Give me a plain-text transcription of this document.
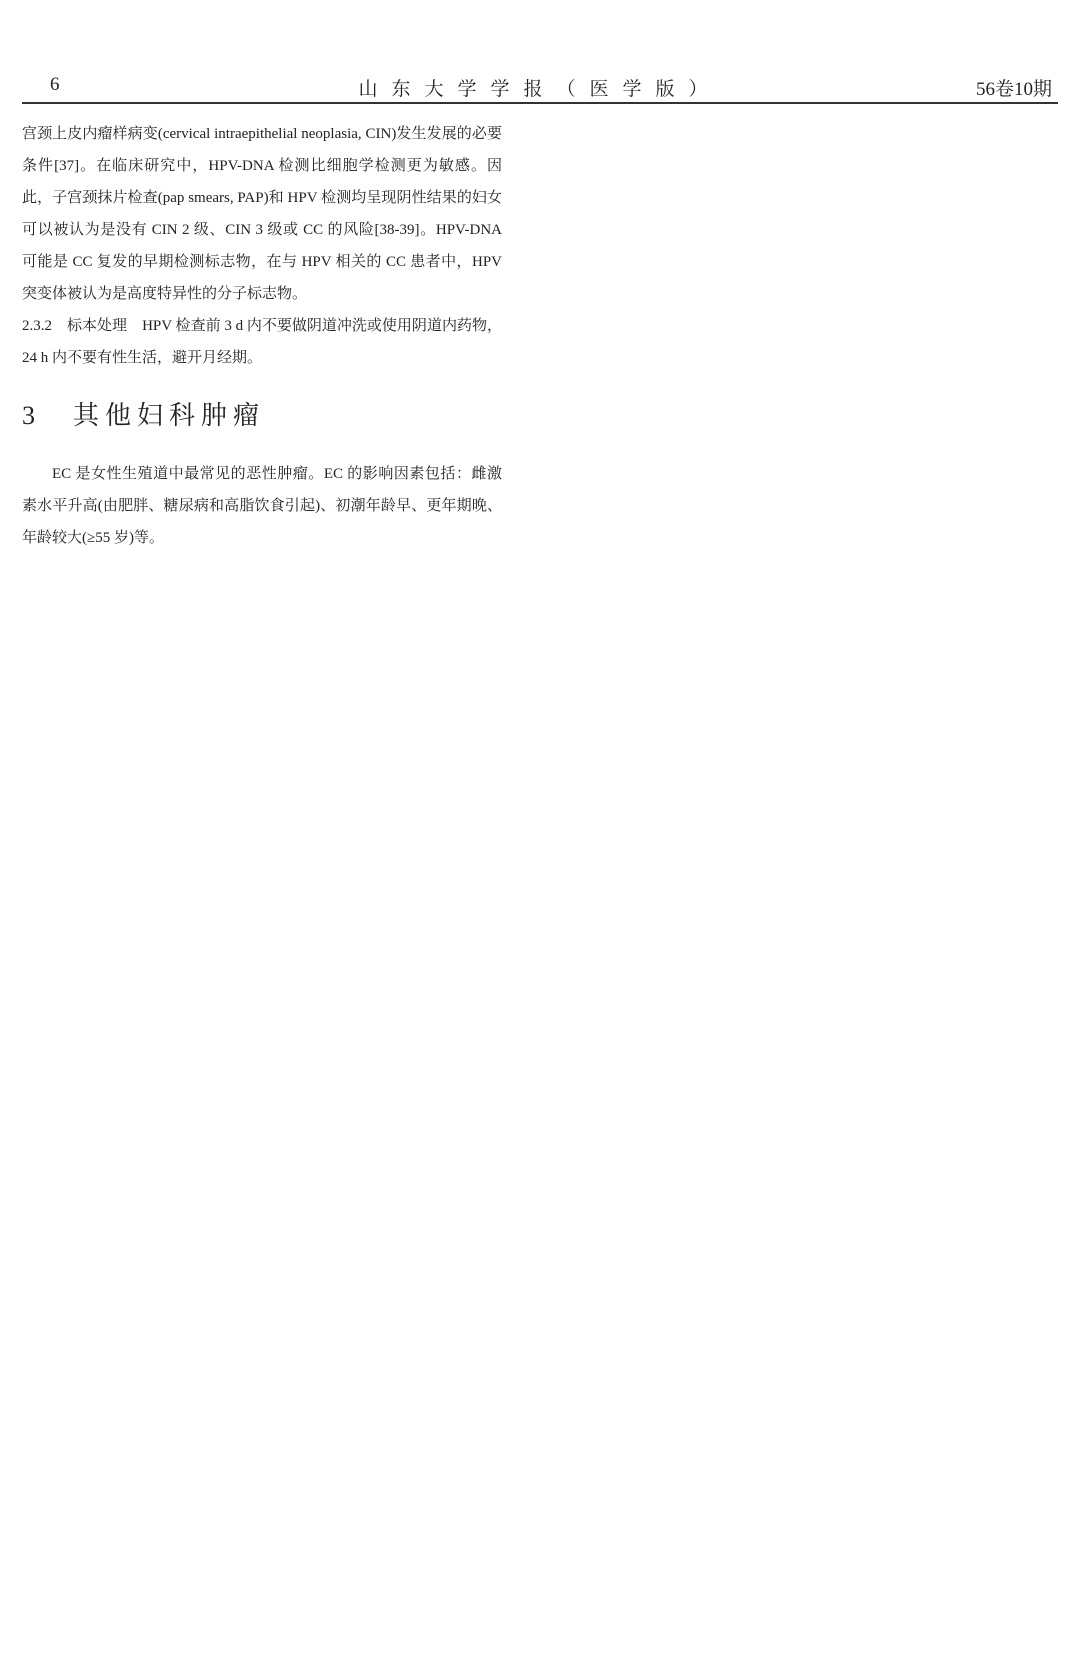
6	山东大学学报（医学版）	56卷10期

宫颈上皮内瘤样病变(cervical intraepithelial neoplasia, CIN)发生发展的必要条件[37]。在临床研究中，HPV-DNA 检测比细胞学检测更为敏感。因此，子宫颈抹片检查(pap smears, PAP)和 HPV 检测均呈现阴性结果的妇女可以被认为是没有 CIN 2 级、CIN 3 级或 CC 的风险[38-39]。HPV-DNA 可能是 CC 复发的早期检测标志物，在与 HPV 相关的 CC 患者中，HPV 突变体被认为是高度特异性的分子标志物。

2.3.2　标本处理　 HPV 检查前 3 d 内不要做阴道冲洗或使用阴道内药物，24 h 内不要有性生活，避开月经期。

3　其他妇科肿瘤

EC 是女性生殖道中最常见的恶性肿瘤。EC 的影响因素包括：雌激素水平升高(由肥胖、糖尿病和高脂饮食引起)、初潮年龄早、更年期晚、年龄较大(≥55 岁)等。
